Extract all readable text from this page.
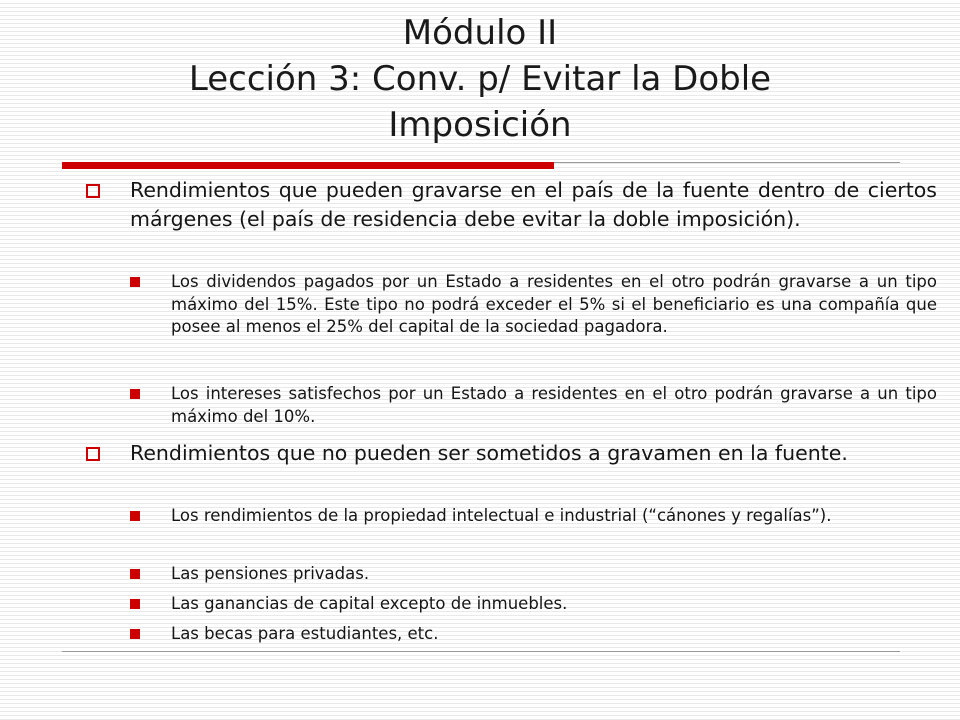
Módulo II
Lección 3: Conv. p/ Evitar la Doble
Imposición

Rendimientos que pueden gravarse en el país de la fuente dentro de ciertos márgenes (el país de residencia debe evitar la doble imposición).

Los dividendos pagados por un Estado a residentes en el otro podrán gravarse a un tipo máximo del 15%. Este tipo no podrá exceder el 5% si el beneficiario es una compañía que posee al menos el 25% del capital de la sociedad pagadora.

Los intereses satisfechos por un Estado a residentes en el otro podrán gravarse a un tipo máximo del 10%.

Rendimientos que no pueden ser sometidos a gravamen en la fuente.

Los rendimientos de la propiedad intelectual e industrial (“cánones y regalías”).

Las pensiones privadas.

Las ganancias de capital excepto de inmuebles.

Las becas para estudiantes, etc.
